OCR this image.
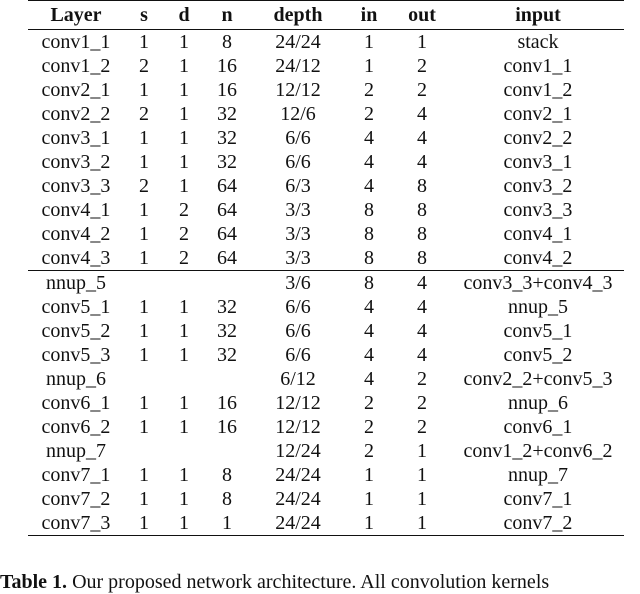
Layer	s	d	n	depth	in	out	input
conv1_1	1	1	8	24/24	1	1	stack
conv1_2	2	1	16	24/12	1	2	conv1_1
conv2_1	1	1	16	12/12	2	2	conv1_2
conv2_2	2	1	32	12/6	2	4	conv2_1
conv3_1	1	1	32	6/6	4	4	conv2_2
conv3_2	1	1	32	6/6	4	4	conv3_1
conv3_3	2	1	64	6/3	4	8	conv3_2
conv4_1	1	2	64	3/3	8	8	conv3_3
conv4_2	1	2	64	3/3	8	8	conv4_1
conv4_3	1	2	64	3/3	8	8	conv4_2
nnup_5				3/6	8	4	conv3_3+conv4_3
conv5_1	1	1	32	6/6	4	4	nnup_5
conv5_2	1	1	32	6/6	4	4	conv5_1
conv5_3	1	1	32	6/6	4	4	conv5_2
nnup_6				6/12	4	2	conv2_2+conv5_3
conv6_1	1	1	16	12/12	2	2	nnup_6
conv6_2	1	1	16	12/12	2	2	conv6_1
nnup_7				12/24	2	1	conv1_2+conv6_2
conv7_1	1	1	8	24/24	1	1	nnup_7
conv7_2	1	1	8	24/24	1	1	conv7_1
conv7_3	1	1	1	24/24	1	1	conv7_2
Table 1. Our proposed network architecture. All convolution kernels
